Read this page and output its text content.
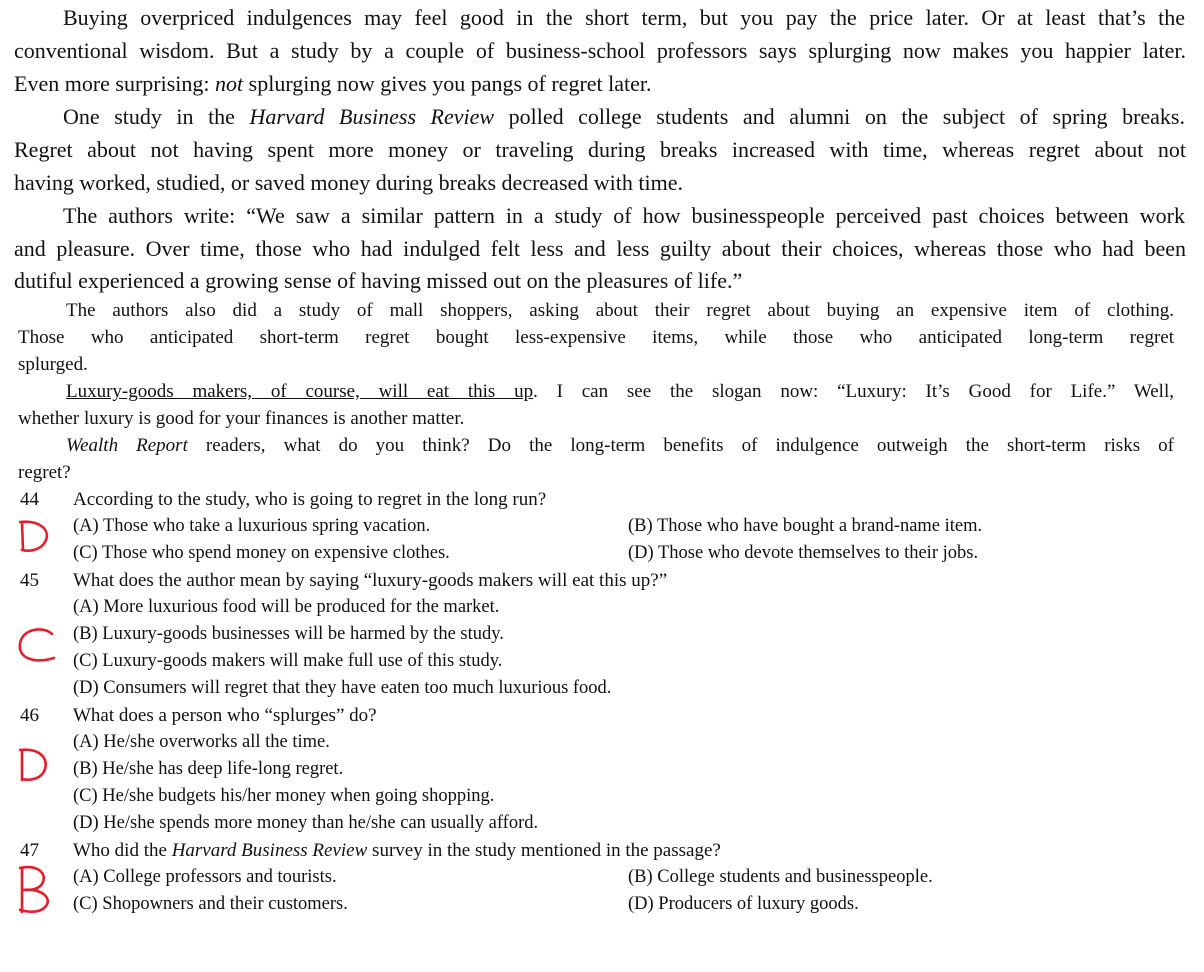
Buying overpriced indulgences may feel good in the short term, but you pay the price later. Or at least that’s the
conventional wisdom. But a study by a couple of business-school professors says splurging now makes you happier later.
Even more surprising: not splurging now gives you pangs of regret later.
One study in the Harvard Business Review polled college students and alumni on the subject of spring breaks.
Regret about not having spent more money or traveling during breaks increased with time, whereas regret about not
having worked, studied, or saved money during breaks decreased with time.
The authors write: “We saw a similar pattern in a study of how businesspeople perceived past choices between work
and pleasure. Over time, those who had indulged felt less and less guilty about their choices, whereas those who had been
dutiful experienced a growing sense of having missed out on the pleasures of life.”
The authors also did a study of mall shoppers, asking about their regret about buying an expensive item of clothing.
Those who anticipated short-term regret bought less-expensive items, while those who anticipated long-term regret
splurged.
Luxury-goods makers, of course, will eat this up. I can see the slogan now: “Luxury: It’s Good for Life.” Well,
whether luxury is good for your finances is another matter.
Wealth Report readers, what do you think? Do the long-term benefits of indulgence outweigh the short-term risks of
regret?
44 According to the study, who is going to regret in the long run?
(A) Those who take a luxurious spring vacation.	(B) Those who have bought a brand-name item.
(C) Those who spend money on expensive clothes.	(D) Those who devote themselves to their jobs.
45 What does the author mean by saying “luxury-goods makers will eat this up?”
(A) More luxurious food will be produced for the market.
(B) Luxury-goods businesses will be harmed by the study.
(C) Luxury-goods makers will make full use of this study.
(D) Consumers will regret that they have eaten too much luxurious food.
46 What does a person who “splurges” do?
(A) He/she overworks all the time.
(B) He/she has deep life-long regret.
(C) He/she budgets his/her money when going shopping.
(D) He/she spends more money than he/she can usually afford.
47 Who did the Harvard Business Review survey in the study mentioned in the passage?
(A) College professors and tourists.	(B) College students and businesspeople.
(C) Shopowners and their customers.	(D) Producers of luxury goods.
